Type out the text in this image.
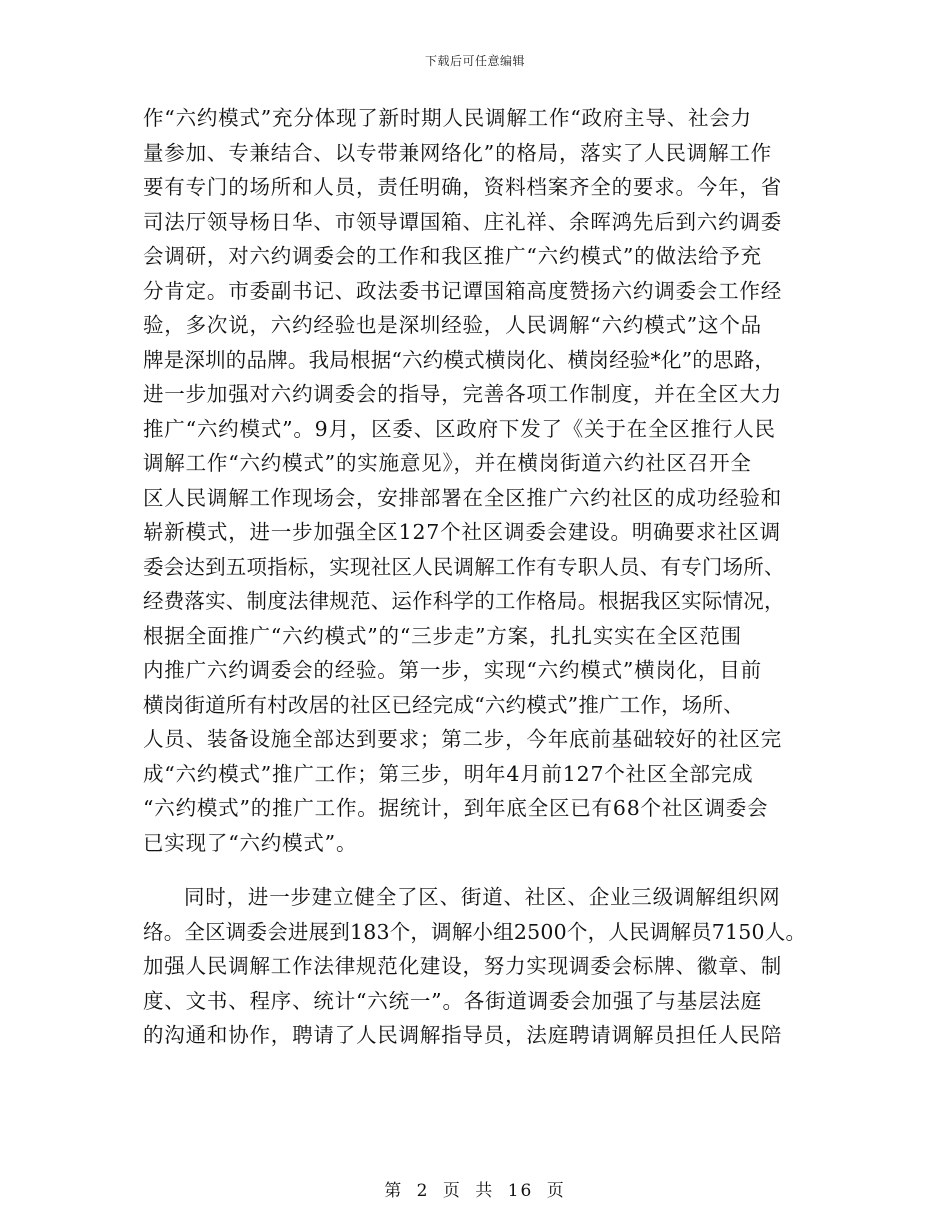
下载后可任意编辑
作“六约模式”充分体现了新时期人民调解工作“政府主导、社会力
量参加、专兼结合、以专带兼网络化”的格局，落实了人民调解工作
要有专门的场所和人员，责任明确，资料档案齐全的要求。今年，省
司法厅领导杨日华、市领导谭国箱、庄礼祥、余晖鸿先后到六约调委
会调研，对六约调委会的工作和我区推广“六约模式”的做法给予充
分肯定。市委副书记、政法委书记谭国箱高度赞扬六约调委会工作经
验，多次说，六约经验也是深圳经验，人民调解“六约模式”这个品
牌是深圳的品牌。我局根据“六约模式横岗化、横岗经验*化”的思路，
进一步加强对六约调委会的指导，完善各项工作制度，并在全区大力
推广“六约模式”。9月，区委、区政府下发了《关于在全区推行人民
调解工作“六约模式”的实施意见》，并在横岗街道六约社区召开全
区人民调解工作现场会，安排部署在全区推广六约社区的成功经验和
崭新模式，进一步加强全区127个社区调委会建设。明确要求社区调
委会达到五项指标，实现社区人民调解工作有专职人员、有专门场所、
经费落实、制度法律规范、运作科学的工作格局。根据我区实际情况，
根据全面推广“六约模式”的“三步走”方案，扎扎实实在全区范围
内推广六约调委会的经验。第一步，实现“六约模式”横岗化，目前
横岗街道所有村改居的社区已经完成“六约模式”推广工作，场所、
人员、装备设施全部达到要求；第二步，今年底前基础较好的社区完
成“六约模式”推广工作；第三步，明年4月前127个社区全部完成
“六约模式”的推广工作。据统计，到年底全区已有68个社区调委会
已实现了“六约模式”。
同时，进一步建立健全了区、街道、社区、企业三级调解组织网
络。全区调委会进展到183个，调解小组2500个，人民调解员7150人。
加强人民调解工作法律规范化建设，努力实现调委会标牌、徽章、制
度、文书、程序、统计“六统一”。各街道调委会加强了与基层法庭
的沟通和协作，聘请了人民调解指导员，法庭聘请调解员担任人民陪
第 2 页 共 16 页
